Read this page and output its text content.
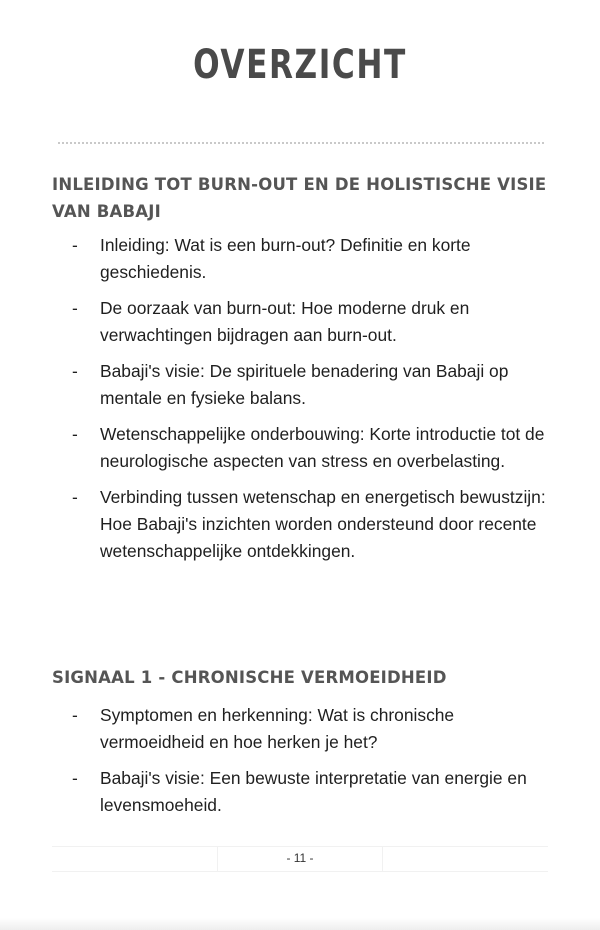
OVERZICHT
INLEIDING TOT BURN-OUT EN DE HOLISTISCHE VISIE VAN BABAJI
- Inleiding: Wat is een burn-out? Definitie en korte geschiedenis.
- De oorzaak van burn-out: Hoe moderne druk en verwachtingen bijdragen aan burn-out.
- Babaji's visie: De spirituele benadering van Babaji op mentale en fysieke balans.
- Wetenschappelijke onderbouwing: Korte introductie tot de neurologische aspecten van stress en overbelasting.
- Verbinding tussen wetenschap en energetisch bewustzijn: Hoe Babaji's inzichten worden ondersteund door recente wetenschappelijke ontdekkingen.
SIGNAAL 1 - CHRONISCHE VERMOEIDHEID
- Symptomen en herkenning: Wat is chronische vermoeidheid en hoe herken je het?
- Babaji's visie: Een bewuste interpretatie van energie en levensmoeheid.
- 11 -
